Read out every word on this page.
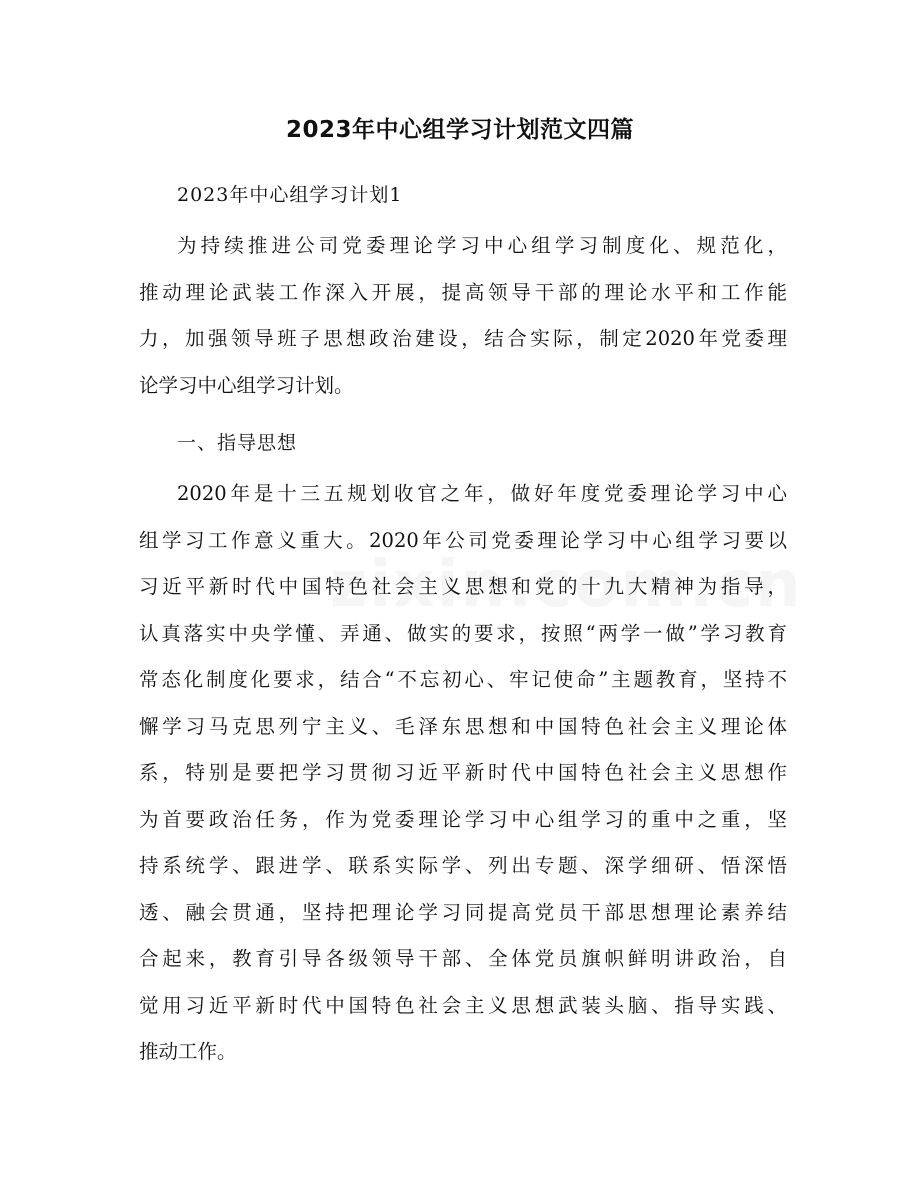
2023年中心组学习计划范文四篇

2023年中心组学习计划1

为持续推进公司党委理论学习中心组学习制度化、规范化，
推动理论武装工作深入开展，提高领导干部的理论水平和工作能
力，加强领导班子思想政治建设，结合实际，制定2020年党委理
论学习中心组学习计划。

一、指导思想

2020年是十三五规划收官之年，做好年度党委理论学习中心
组学习工作意义重大。2020年公司党委理论学习中心组学习要以
习近平新时代中国特色社会主义思想和党的十九大精神为指导，
认真落实中央学懂、弄通、做实的要求，按照“两学一做”学习教育
常态化制度化要求，结合“不忘初心、牢记使命”主题教育，坚持不
懈学习马克思列宁主义、毛泽东思想和中国特色社会主义理论体
系，特别是要把学习贯彻习近平新时代中国特色社会主义思想作
为首要政治任务，作为党委理论学习中心组学习的重中之重，坚
持系统学、跟进学、联系实际学、列出专题、深学细研、悟深悟
透、融会贯通，坚持把理论学习同提高党员干部思想理论素养结
合起来，教育引导各级领导干部、全体党员旗帜鲜明讲政治，自
觉用习近平新时代中国特色社会主义思想武装头脑、指导实践、
推动工作。
